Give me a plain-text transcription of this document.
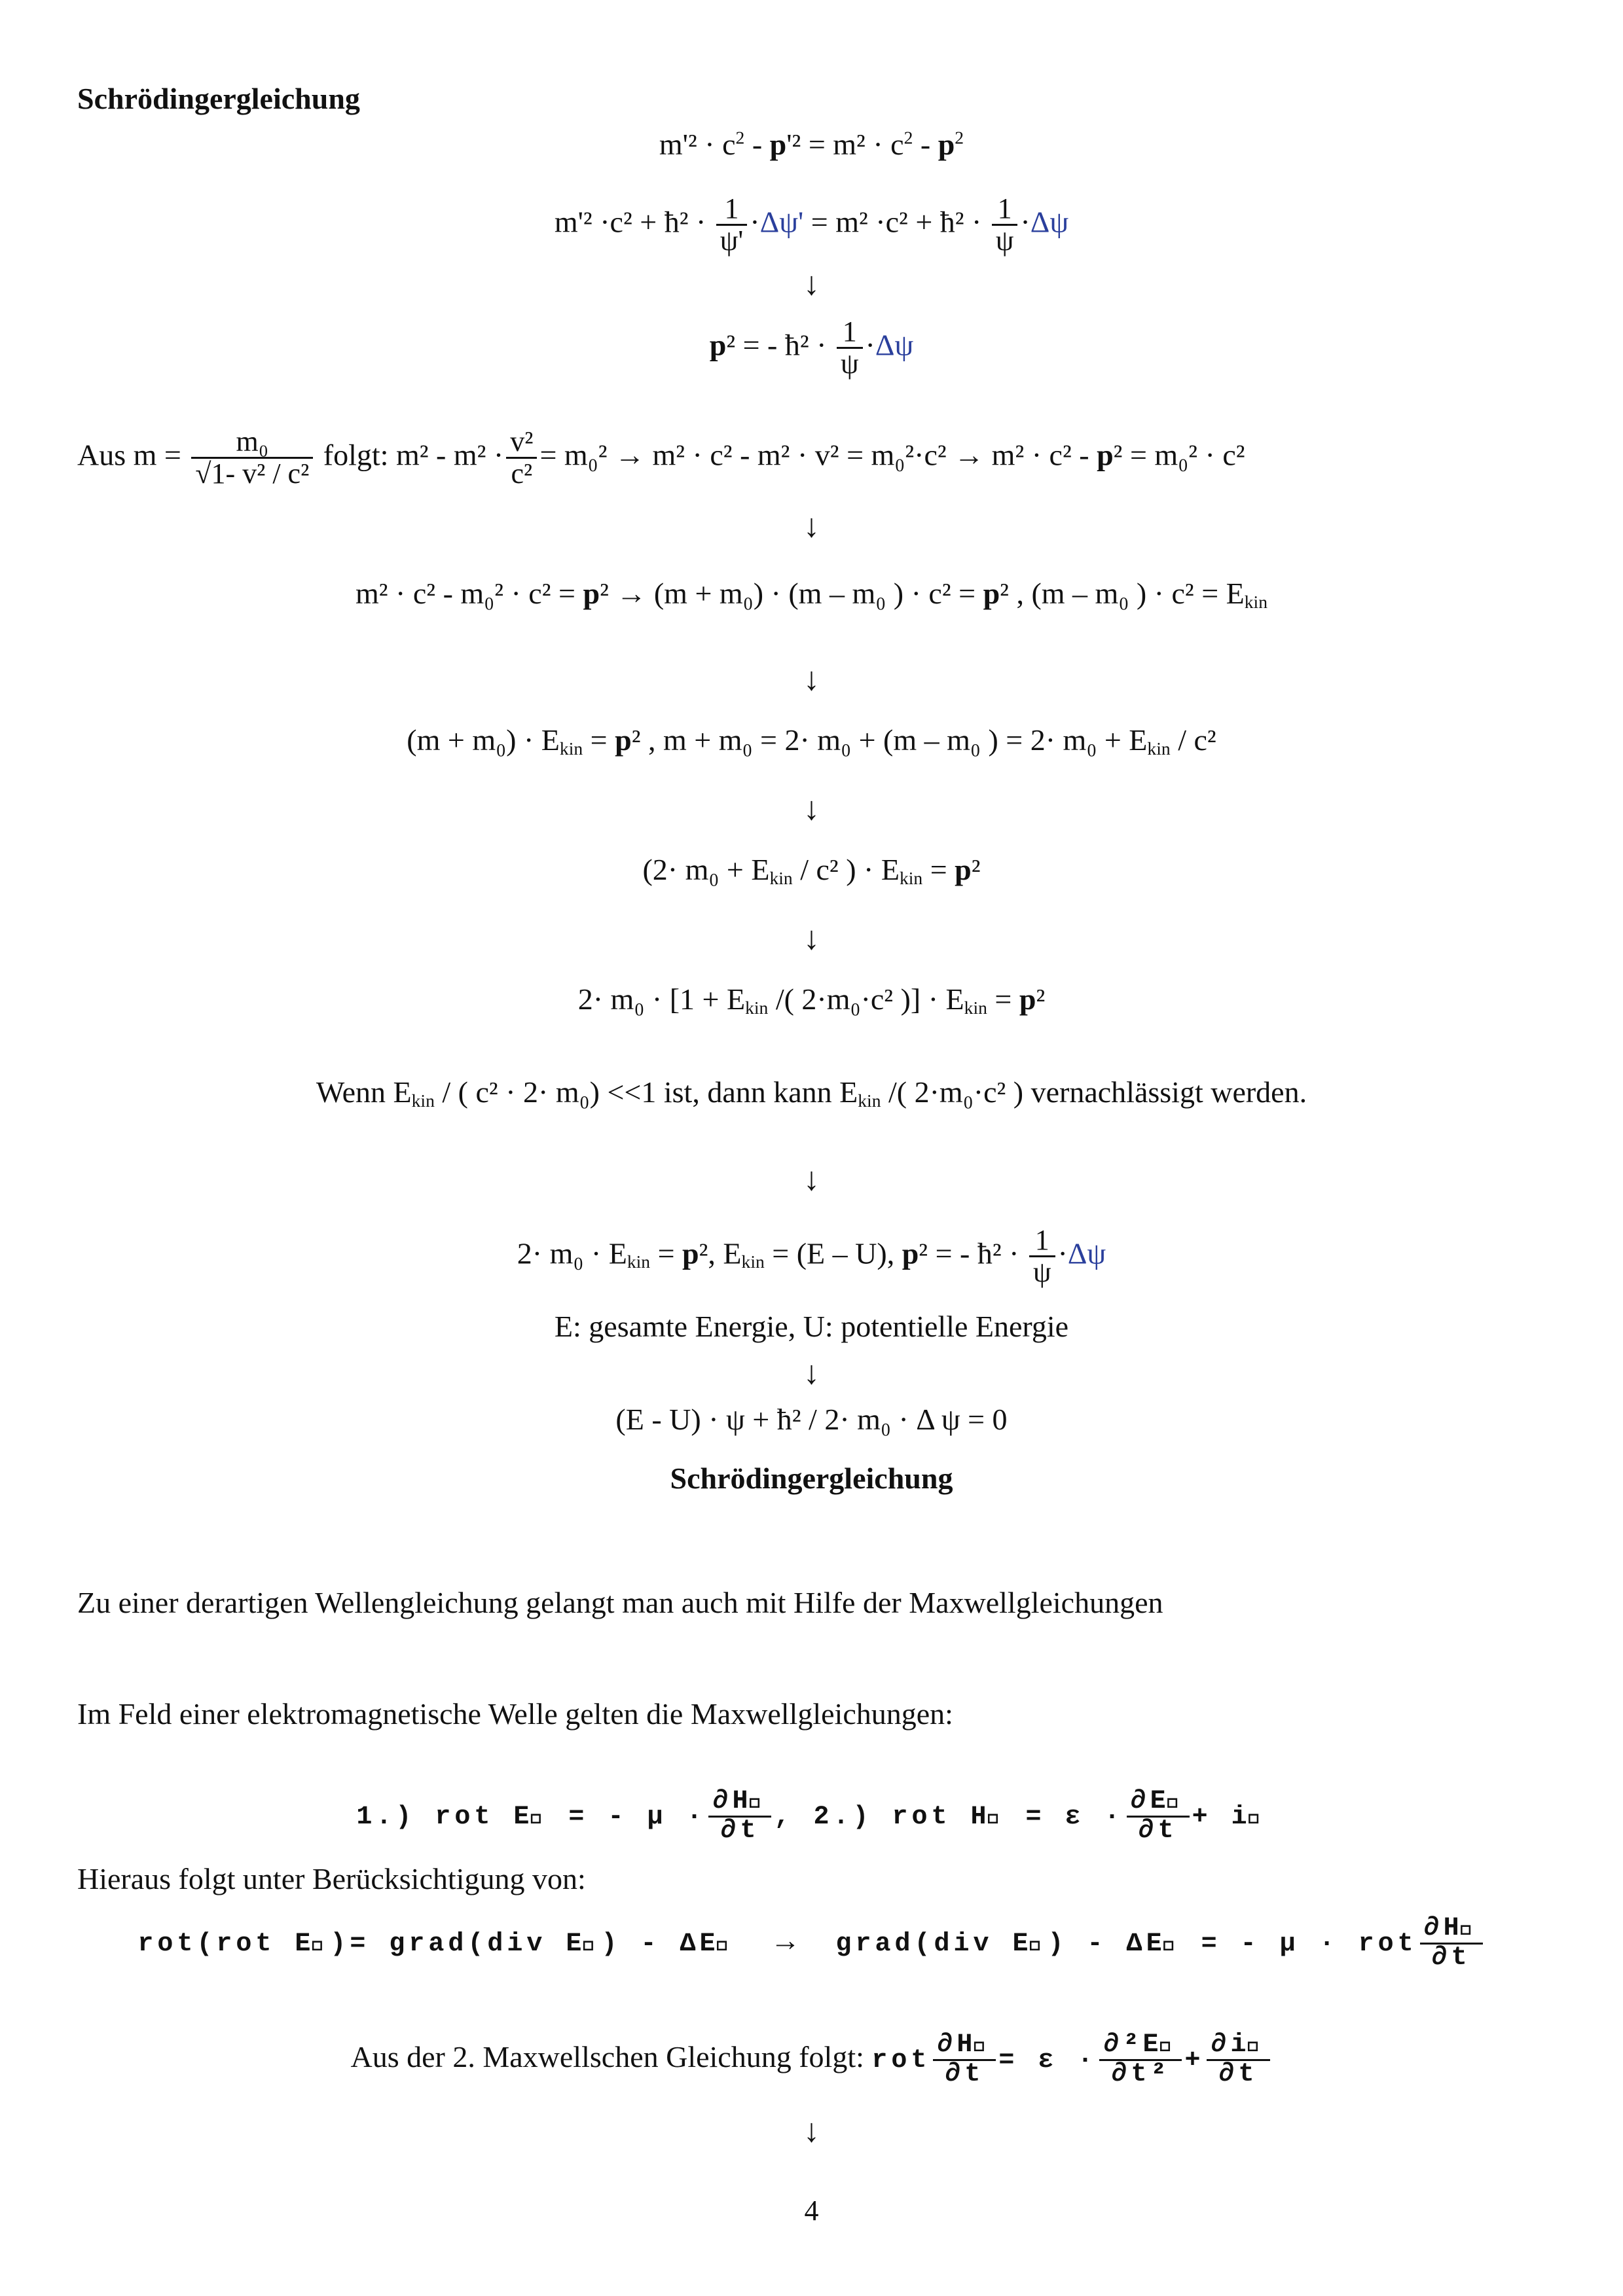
Schrödingergleichung
$m'^2 \cdot c^2 - p'^2 = m^2 \cdot c^2 - p^2$
m'² ·c² + ħ² · $\frac{1}{\psi'} \cdot\Delta\psi' = m^2 \cdot c^2$ + ħ² · $\frac{1}{\psi} \cdot\Delta\psi$
↓
p² = - ħ² · $\frac{1}{\psi} \cdot\Delta\psi$
Aus $m = \frac{\text{m₀}}{\text{√1- v² / c²}} folgt$: $m^2 - m^2 \cdot \frac{\text{v²}}{\text{c²}} = m_0^2 \to m^2 \cdot c^2 - m^2 \cdot v^2 = m_0^2\cdot c^2 \to m^2 \cdot c^2 - p^2 = m_0^2 \cdot c^2$
↓
m² · c² - m₀² · c² = p² → (m + m₀) · (m – m₀ ) · c² = p² , (m – m₀ ) · $c^2 = E_{kin}$
↓
$(m + m_0) \cdot E_{kin} = p^2$ , m + m₀ = 2· m₀ + (m – m₀ ) = $2\cdot m_0 + E_{kin} / c^2$
↓
($2\cdot m_0 + E_{kin} / c^2$ ) · $E_{kin} = p^2$
↓
$2\cdot m_0 \cdot [1 + E_{kin}$ /( 2·m₀·c² )] · $E_{kin} = p^2$
Wenn $E_{kin}$ / ( c² · 2· m₀) <<1 ist, dann kann $E_{kin}$ /( 2·m₀·c² ) vernachlässigt werden.
↓
$2\cdot m_0 \cdot E_{kin} = p^2$, $E_{kin} = (E - U)$, p² = - ħ² · $\frac{1}{\psi} \cdot\Delta\psi$
E: gesamte Energie, U: potentielle Energie
↓
(E - U) · ψ + ħ² / 2· m₀ · Δ ψ = 0
Schrödingergleichung
Zu einer derartigen Wellengleichung gelangt man auch mit Hilfe der Maxwellgleichungen
Im Feld einer elektromagnetische Welle gelten die Maxwellgleichungen:
1.) rot E⃗ = - $\mu \cdot \frac{\partial H⃗}{\partial t}$ , 2.) rot H⃗ = $\varepsilon \cdot \frac{\partial E⃗}{\partial t}$ + i⃗
Hieraus folgt unter Berücksichtigung von:
rot(rot E⃗)= grad(div E⃗) - ΔE⃗ → grad(div E⃗) - ΔE⃗ = - μ · rot $\frac{\partial H⃗}{\partial t}$
Aus der 2. Maxwellschen Gleichung folgt: rot $\frac{\partial H⃗}{\partial t} = \varepsilon \cdot \frac{\text{∂²E⃗}}{\text{∂t²}} + \frac{\partial i⃗}{\partial t}$
↓
4
